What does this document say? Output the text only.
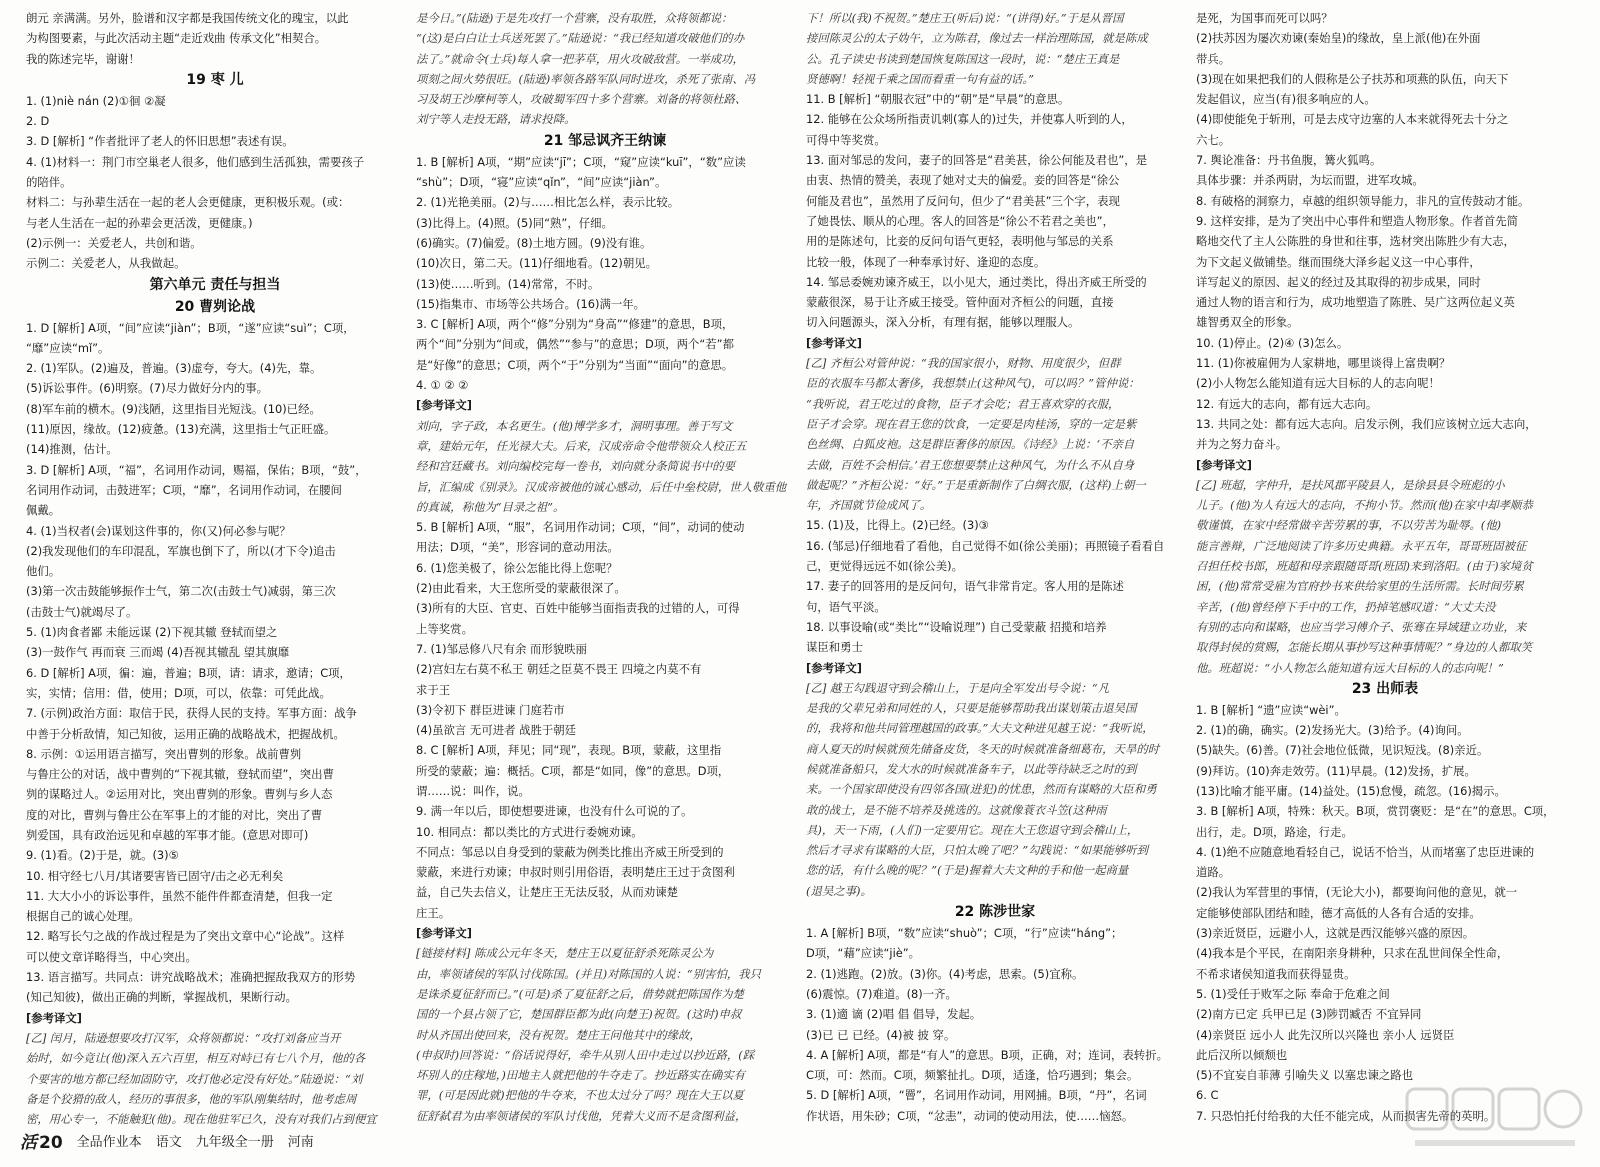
朗元 亲满满。另外，脸谱和汉字都是我国传统文化的瑰宝，以此
为构图要素，与此次活动主题“走近戏曲 传承文化”相契合。
我的陈述完毕，谢谢！
19 枣 儿
1. (1)niè nán (2)①徊 ②凝
2. D
3. D [解析] “作者批评了老人的怀旧思想”表述有误。
4. (1)材料一：荆门市空巢老人很多，他们感到生活孤独，需要孩子
的陪伴。
材料二：与孙辈生活在一起的老人会更健康，更积极乐观。(或：
与老人生活在一起的孙辈会更活泼，更健康。)
(2)示例一：关爱老人，共创和谐。
示例二：关爱老人，从我做起。
第六单元 责任与担当
20 曹刿论战
1. D [解析] A项，“间”应读“jiàn”；B项，“遂”应读“suì”；C项，
“靡”应读“mǐ”。
2. (1)军队。(2)遍及，普遍。(3)虚夸，夸大。(4)先，靠。
(5)诉讼事件。(6)明察。(7)尽力做好分内的事。
(8)军车前的横木。(9)浅陋，这里指目光短浅。(10)已经。
(11)原因，缘故。(12)疲惫。(13)充满，这里指士气正旺盛。
(14)推测，估计。
3. D [解析] A项，“福”，名词用作动词，赐福，保佑；B项，“鼓”，
名词用作动词，击鼓进军；C项，“靡”，名词用作动词，在腰间
佩戴。
4. (1)当权者(会)谋划这件事的，你(又)何必参与呢？
(2)我发现他们的车印混乱，军旗也倒下了，所以(才下令)追击
他们。
(3)第一次击鼓能够振作士气，第二次(击鼓士气)减弱，第三次
(击鼓士气)就竭尽了。
5. (1)肉食者鄙 未能远谋 (2)下视其辙 登轼而望之
(3)一鼓作气 再而衰 三而竭 (4)吾视其辙乱 望其旗靡
6. D [解析] A项，徧：遍，普遍；B项，请：请求，邀请；C项，
实，实情；信用：借，使用；D项，可以，依靠：可凭此战。
7. (示例)政治方面：取信于民，获得人民的支持。军事方面：战争
中善于分析敌情，知己知彼，运用正确的战略战术，把握战机。
8. 示例：①运用语言描写，突出曹刿的形象。战前曹刿
与鲁庄公的对话，战中曹刿的“下视其辙，登轼而望”，突出曹
刿的谋略过人。②运用对比，突出曹刿的形象。曹刿与乡人态
度的对比，曹刿与鲁庄公在军事上的才能的对比，突出了曹
刿爱国，具有政治远见和卓越的军事才能。(意思对即可)
9. (1)看。(2)于是，就。(3)⑤
10. 相守经七八月/其诸要害皆已固守/击之必无利矣
11. 大大小小的诉讼事件，虽然不能件件都查清楚，但我一定
根据自己的诚心处理。
12. 略写长勺之战的作战过程是为了突出文章中心“论战”。这样
可以使文章详略得当，中心突出。
13. 语言描写。共同点：讲究战略战术；准确把握敌我双方的形势
(知己知彼)，做出正确的判断，掌握战机，果断行动。
[参考译文]
[乙] 闰月，陆逊想要攻打汉军，众将领都说：“攻打刘备应当开
始时，如今竟让(他)深入五六百里，相互对峙已有七八个月，他的各
个要害的地方都已经加固防守，攻打他必定没有好处。”陆逊说：“刘
备是个狡猾的敌人，经历的事很多，他的军队刚集结时，他考虑周
密，用心专一，不能触犯(他)。现在他驻军已久，没有对我们占到便宜
是今日。”(陆逊)于是先攻打一个营寨，没有取胜，众将领都说：
“(这)是白白让士兵送死罢了。”陆逊说：“我已经知道攻破他们的办
法了。”就命令(士兵)每人拿一把茅草，用火攻破敌营。一举成功，
项刻之间火势很旺。(陆逊)率领各路军队同时进攻，杀死了张南、冯
习及胡王沙摩柯等人，攻破蜀军四十多个营寨。刘备的将领杜路、
刘宁等人走投无路，请求投降。
21 邹忌讽齐王纳谏
1. B [解析] A项，“期”应读“jī”；C项，“窥”应读“kuī”，“数”应读
“shù”；D项，“寝”应读“qǐn”，“间”应读“jiàn”。
2. (1)光艳美丽。(2)与……相比怎么样，表示比较。
(3)比得上。(4)照。(5)同“熟”，仔细。
(6)确实。(7)偏爱。(8)土地方圆。(9)没有谁。
(10)次日，第二天。(11)仔细地看。(12)朝见。
(13)使……听到。(14)常常，不时。
(15)指集市、市场等公共场合。(16)满一年。
3. C [解析] A项，两个“修”分别为“身高”“修建”的意思，B项，
两个“间”分别为“间或，偶然”“参与”的意思；D项，两个“若”都
是“好像”的意思；C项，两个“于”分别为“当面”“面向”的意思。
4. ① ② ②
[参考译文]
刘向，字子政，本名更生。(他)博学多才，洞明事理。善于写文
章，建始元年，任光禄大夫。后来，汉成帝命令他带领众人校正五
经和宫廷藏书。刘向编校完每一卷书，刘向就分条简说书中的要
旨，汇编成《别录》。汉成帝被他的诚心感动，后任中垒校尉，世人敬重他
的真诚，称他为“目录之祖”。
5. B [解析] A项，“服”，名词用作动词；C项，“间”，动词的使动
用法；D项，“美”，形容词的意动用法。
6. (1)您美极了，徐公怎能比得上您呢？
(2)由此看来，大王您所受的蒙蔽很深了。
(3)所有的大臣、官吏、百姓中能够当面指责我的过错的人，可得
上等奖赏。
7. (1)邹忌修八尺有余 而形貌昳丽
(2)宫妇左右莫不私王 朝廷之臣莫不畏王 四境之内莫不有
求于王
(3)令初下 群臣进谏 门庭若市
(4)虽欲言 无可进者 战胜于朝廷
8. C [解析] A项，拜见；同“现”，表现。B项，蒙蔽，这里指
所受的蒙蔽；遍：概括。C项，都是“如同，像”的意思。D项，
谓……说：叫作，说。
9. 满一年以后，即使想要进谏，也没有什么可说的了。
10. 相同点：都以类比的方式进行委婉劝谏。
不同点：邹忌以自身受到的蒙蔽为例类比推出齐威王所受到的
蒙蔽，来进行劝谏；申叔时则引用俗语，表明楚庄王过于贪图利
益，自己失去信义，让楚庄王无法反驳，从而劝谏楚
庄王。
[参考译文]
[链接材料] 陈成公元年冬天，楚庄王以夏征舒杀死陈灵公为
由，率领诸侯的军队讨伐陈国。(并且)对陈国的人说：“别害怕，我只
是诛杀夏征舒而已。”(可是)杀了夏征舒之后，借势就把陈国作为楚
国的一个县占领了它，楚国群臣都为此(向楚王)祝贺。(这时)申叔
时从齐国出使回来，没有祝贺。楚庄王问他其中的缘故，
(申叔时)回答说：“俗话说得好，牵牛从别人田中走过以抄近路，(踩
坏别人的庄稼地，)田地主人就把他的牛夺走了。抄近路实在确实有
罪，(可是因此就)把他的牛夺来，不也太过分了吗？现在大王以夏
征舒弑君为由率领诸侯的军队讨伐他，凭着大义而不是贪图利益，
下！所以(我)不祝贺。”楚庄王(听后)说：“(讲得)好。”于是从晋国
接回陈灵公的太子妫午，立为陈君，像过去一样治理陈国，就是陈成
公。孔子读史书读到楚国恢复陈国这一段时，说：“楚庄王真是
贤德啊！轻视千乘之国而看重一句有益的话。”
11. B [解析] “朝服衣冠”中的“朝”是“早晨”的意思。
12. 能够在公众场所指责讥刺(寡人的)过失，并使寡人听到的人，
可得中等奖赏。
13. 面对邹忌的发问，妻子的回答是“君美甚，徐公何能及君也”，是
由衷、热情的赞美，表现了她对丈夫的偏爱。妾的回答是“徐公
何能及君也”，虽然用了反问句，但少了“君美甚”三个字，表现
了她畏怯、顺从的心理。客人的回答是“徐公不若君之美也”，
用的是陈述句，比妾的反问句语气更轻，表明他与邹忌的关系
比较一般，体现了一种奉承讨好、逢迎的态度。
14. 邹忌委婉劝谏齐威王，以小见大，通过类比，得出齐威王所受的
蒙蔽很深，易于让齐威王接受。管仲面对齐桓公的问题，直接
切入问题源头，深入分析，有理有据，能够以理服人。
[参考译文]
[乙] 齐桓公对管仲说：“我的国家很小，财物、用度很少，但群
臣的衣服车马都太奢侈，我想禁止(这种风气)，可以吗？”管仲说：
“我听说，君王吃过的食物，臣子才会吃；君王喜欢穿的衣服，
臣子才会穿。现在君王您的饮食，一定要是肉桂汤，穿的一定是紫
色丝绸、白狐皮袍。这是群臣奢侈的原因。《诗经》上说：‘不亲自
去做，百姓不会相信。’君王您想要禁止这种风气，为什么不从自身
做起呢？”齐桓公说：“好。”于是重新制作了白绸衣服，(这样)上朝一
年，齐国就节俭成风了。
15. (1)及，比得上。(2)已经。(3)③
16. (邹忌)仔细地看了看他，自己觉得不如(徐公美丽)；再照镜子看看自
己，更觉得远远不如(徐公美)。
17. 妻子的回答用的是反问句，语气非常肯定。客人用的是陈述
句，语气平淡。
18. 以事设喻(或“类比”“设喻说理”) 自己受蒙蔽 招揽和培养
谋臣和勇士
[参考译文]
[乙] 越王勾践退守到会稽山上，于是向全军发出号令说：“凡
是我的父辈兄弟和同姓的人，只要是能够帮助我出谋划策击退吴国
的，我将和他共同管理越国的政事。”大夫文种进见越王说：“我听说，
商人夏天的时候就预先储备皮货，冬天的时候就准备细葛布，天旱的时
候就准备船只，发大水的时候就准备车子，以此等待缺乏之时的到
来。一个国家即使没有四邻各国(进犯)的忧患，然而有谋略的大臣和勇
敢的战士，是不能不培养及挑选的。这就像蓑衣斗笠(这种雨
具)，天一下雨，(人们)一定要用它。现在大王您退守到会稽山上，
然后才寻求有谋略的大臣，只怕太晚了吧？”勾践说：“如果能够听到
您的话，有什么晚的呢？”(于是)握着大夫文种的手和他一起商量
(退吴之事)。
22 陈涉世家
1. A [解析] B项，“数”应读“shuò”；C项，“行”应读“háng”；
D项，“藉”应读“jiè”。
2. (1)逃跑。(2)放。(3)你。(4)考虑，思索。(5)宜称。
(6)震惊。(7)难道。(8)一齐。
3. (1)適 谪 (2)唱 倡 倡导，发起。
(3)已 已 已经。(4)被 披 穿。
4. A [解析] A项，都是“有人”的意思。B项，正确，对；连词，表转折。
C项，可：然而。C项，频繁扯扎。D项，适逢，恰巧遇到；集会。
5. D [解析] A项，“罾”，名词用作动词，用网捕。B项，“丹”，名词
作状语，用朱砂；C项，“忿恚”，动词的使动用法，使……恼怒。
是死，为国事而死可以吗？
(2)扶苏因为屡次劝谏(秦始皇)的缘故，皇上派(他)在外面
带兵。
(3)现在如果把我们的人假称是公子扶苏和项燕的队伍，向天下
发起倡议，应当(有)很多响应的人。
(4)即使能免于斩刑，可是去戍守边塞的人本来就得死去十分之
六七。
7. 舆论准备：丹书鱼腹，篝火狐鸣。
具体步骤：并杀两尉，为坛而盟，进军攻城。
8. 有破格的洞察力，卓越的组织领导能力，非凡的宣传鼓动才能。
9. 这样安排，是为了突出中心事件和塑造人物形象。作者首先简
略地交代了主人公陈胜的身世和往事，选材突出陈胜少有大志，
为下文起义做铺垫。继而围绕大泽乡起义这一中心事件，
详写起义的原因、起义的经过及其取得的初步成果，同时
通过人物的语言和行为，成功地塑造了陈胜、吴广这两位起义英
雄智勇双全的形象。
10. (1)停止。(2)④ (3)怎么。
11. (1)你被雇佣为人家耕地，哪里谈得上富贵啊？
(2)小人物怎么能知道有远大目标的人的志向呢！
12. 有远大的志向，都有远大志向。
13. 共同之处：都有远大志向。启发示例，我们应该树立远大志向，
并为之努力奋斗。
[参考译文]
[乙] 班超，字仲升，是扶风郡平陵县人，是徐县县令班彪的小
儿子。(他)为人有远大的志向，不拘小节。然而(他)在家中却孝顺恭
敬谨慎，在家中经常做辛苦劳累的事，不以劳苦为耻辱。(他)
能言善辩，广泛地阅读了许多历史典籍。永平五年，哥哥班固被征
召担任校书郎，班超和母亲跟随哥哥(班固)来到洛阳。(由于)家境贫
困，(他)常常受雇为官府抄书来供给家里的生活所需。长时间劳累
辛苦，(他)曾经停下手中的工作，扔掉笔感叹道：“大丈夫没
有别的志向和谋略，也应当学习傅介子、张骞在异域建立功业，来
取得封侯的赏赐，怎能长期从事抄写这种事情呢？”身边的人都取笑
他。班超说：“小人物怎么能知道有远大目标的人的志向呢！”
23 出师表
1. B [解析] “遗”应读“wèi”。
2. (1)的确，确实。(2)发扬光大。(3)给予。(4)询问。
(5)缺失。(6)善。(7)社会地位低微，见识短浅。(8)亲近。
(9)拜访。(10)奔走效劳。(11)早晨。(12)发扬，扩展。
(13)比喻才能平庸。(14)益处。(15)怠慢，疏忽。(16)揭示。
3. B [解析] A项，特殊：秋天。B项，赏罚褒贬：是“在”的意思。C项，
出行，走。D项，路途，行走。
4. (1)绝不应随意地看轻自己，说话不恰当，从而堵塞了忠臣进谏的
道路。
(2)我认为军营里的事情，(无论大小)，都要询问他的意见，就一
定能够使部队团结和睦，德才高低的人各有合适的安排。
(3)亲近贤臣，远避小人，这就是西汉能够兴盛的原因。
(4)我本是个平民，在南阳亲身耕种，只求在乱世间保全性命，
不希求诸侯知道我而获得显贵。
5. (1)受任于败军之际 奉命于危难之间
(2)南方已定 兵甲已足 (3)陟罚臧否 不宜异同
(4)亲贤臣 远小人 此先汉所以兴隆也 亲小人 远贤臣
此后汉所以倾颓也
(5)不宜妄自菲薄 引喻失义 以塞忠谏之路也
6. C
7. 只恐怕托付给我的大任不能完成，从而损害先帝的英明。
活 20 全品作业本 语文 九年级全一册 河南
